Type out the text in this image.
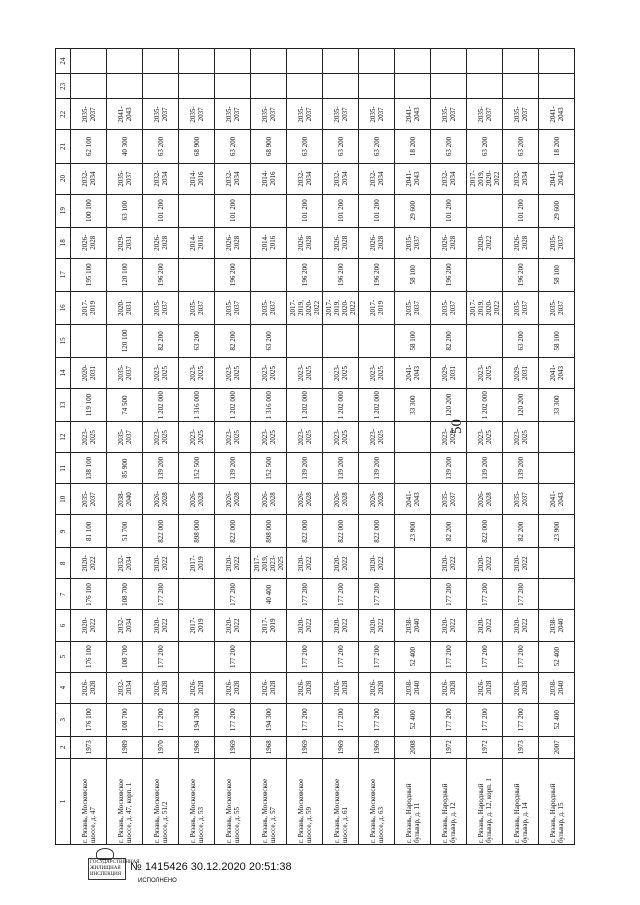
50
1	2	3	4	5	6	7	8	9	10	11	12	13	14	15	16	17	18	19	20	21	22	23	24
г. Рязань, Московское шоссе, д. 47	1973	176 100	2026-2028	176 100	2020-2022	176 100	2020-2022	81 100	2035-2037	138 100	2023-2025	119 100	2020-2031		2017-2019	195 100	2026-2028	100 100	2032-2034	62 100	2035-2037		
г. Рязань, Московское шоссе, д. 47, корп. 1	1989	108 700	2032-2034	108 700	2032-2034	108 700	2032-2034	51 700	2038-2040	85 900	2035-2037	74 500	2035-2037	120 100	2020-2031	120 100	2029-2031	63 100	2035-2037	40 300	2041-2043		
г. Рязань, Московское шоссе, д. 51/2	1970	177 200	2026-2028	177 200	2020-2022	177 200	2020-2022	822 000	2026-2028	139 200	2023-2025	1 202 000	2023-2025	82 200	2035-2037	196 200	2026-2028	101 200	2032-2034	63 200	2035-2037		
г. Рязань, Московское шоссе, д. 53	1968	194 300	2026-2028		2017-2019		2017-2019	898 000	2026-2028	152 500	2023-2025	1 316 000	2023-2025	63 200	2035-2037		2014-2016		2014-2016	68 900	2035-2037		
г. Рязань, Московское шоссе, д. 55	1969	177 200	2026-2028	177 200	2020-2022	177 200	2020-2022	822 000	2026-2028	139 200	2023-2025	1 202 000	2023-2025	82 200	2035-2037	196 200	2026-2028	101 200	2032-2034	63 200	2035-2037		
г. Рязань, Московское шоссе, д. 57	1968	194 300	2026-2028		2017-2019	40 400	2017-2019, 2023-2025	898 000	2026-2028	152 500	2023-2025	1 316 000	2023-2025	63 200	2035-2037		2014-2016		2014-2016	68 900	2035-2037		
г. Рязань, Московское шоссе, д. 59	1969	177 200	2026-2028	177 200	2020-2022	177 200	2020-2022	822 000	2026-2028	139 200	2023-2025	1 202 000	2023-2025		2017-2019, 2020-2022	196 200	2026-2028	101 200	2032-2034	63 200	2035-2037		
г. Рязань, Московское шоссе, д. 61	1969	177 200	2026-2028	177 200	2020-2022	177 200	2020-2022	822 000	2026-2028	139 200	2023-2025	1 202 000	2023-2025		2017-2019, 2020-2022	196 200	2026-2028	101 200	2032-2034	63 200	2035-2037		
г. Рязань, Московское шоссе, д. 63	1969	177 200	2026-2028	177 200	2020-2022	177 200	2020-2022	822 000	2026-2028	139 200	2023-2025	1 202 000	2023-2025		2017-2019	196 200	2026-2028	101 200	2032-2034	63 200	2035-2037		
г. Рязань, Народный бульвар, д. 11	2008	52 400	2038-2040	52 400	2038-2040			23 900	2041-2043			33 300	2041-2043	58 100	2035-2037	58 100	2035-2037	29 600	2041-2043	18 200	2041-2043		
г. Рязань, Народный бульвар, д. 12	1972	177 200	2026-2028	177 200	2020-2022	177 200	2020-2022	82 200	2035-2037	139 200	2023-2025	120 200	2029-2031	82 200	2035-2037	196 200	2026-2028	101 200	2032-2034	63 200	2035-2037		
г. Рязань, Народный бульвар, д. 12, корп. 1	1972	177 200	2026-2028	177 200	2020-2022	177 200	2020-2022	822 000	2026-2028	139 200	2023-2025	1 202 000	2023-2025		2017-2019, 2020-2022		2020-2022		2017-2019, 2020-2022	63 200	2035-2037		
г. Рязань, Народный бульвар, д. 14	1973	177 200	2026-2028	177 200	2020-2022	177 200	2020-2022	82 200	2035-2037	139 200	2023-2025	120 200	2029-2031	63 200	2035-2037	196 200	2026-2028	101 200	2032-2034	63 200	2035-2037		
г. Рязань, Народный бульвар, д. 15	2007	52 400	2038-2040	52 400	2038-2040			23 900	2041-2043			33 300	2041-2043	58 100	2035-2037	58 100	2035-2037	29 600	2041-2043	18 200	2041-2043		
ГОСУДАРСТВЕННАЯ ЖИЛИЩНАЯ ИНСПЕКЦИЯ
№ 1415426 30.12.2020 20:51:38
ИСПОЛНЕНО
